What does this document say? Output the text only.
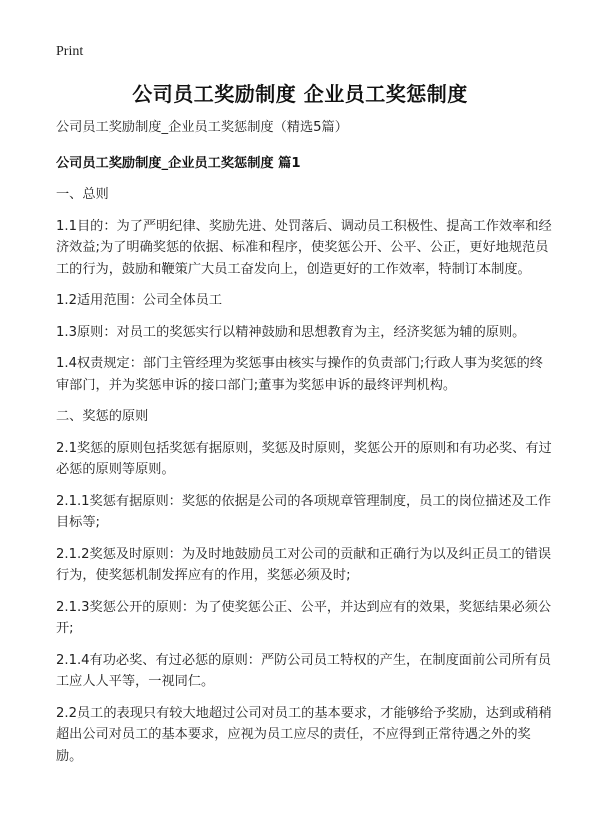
Print
公司员工奖励制度 企业员工奖惩制度

公司员工奖励制度_企业员工奖惩制度（精选5篇）

公司员工奖励制度_企业员工奖惩制度 篇1

一、总则

1.1目的：为了严明纪律、奖励先进、处罚落后、调动员工积极性、提高工作效率和经济效益;为了明确奖惩的依据、标准和程序，使奖惩公开、公平、公正，更好地规范员工的行为，鼓励和鞭策广大员工奋发向上，创造更好的工作效率，特制订本制度。

1.2适用范围：公司全体员工

1.3原则：对员工的奖惩实行以精神鼓励和思想教育为主，经济奖惩为辅的原则。

1.4权责规定：部门主管经理为奖惩事由核实与操作的负责部门;行政人事为奖惩的终审部门，并为奖惩申诉的接口部门;董事为奖惩申诉的最终评判机构。

二、奖惩的原则

2.1奖惩的原则包括奖惩有据原则，奖惩及时原则，奖惩公开的原则和有功必奖、有过必惩的原则等原则。

2.1.1奖惩有据原则：奖惩的依据是公司的各项规章管理制度，员工的岗位描述及工作目标等;

2.1.2奖惩及时原则：为及时地鼓励员工对公司的贡献和正确行为以及纠正员工的错误行为，使奖惩机制发挥应有的作用，奖惩必须及时;

2.1.3奖惩公开的原则：为了使奖惩公正、公平，并达到应有的效果，奖惩结果必须公开;

2.1.4有功必奖、有过必惩的原则：严防公司员工特权的产生，在制度面前公司所有员工应人人平等，一视同仁。

2.2员工的表现只有较大地超过公司对员工的基本要求，才能够给予奖励，达到或稍稍超出公司对员工的基本要求，应视为员工应尽的责任，不应得到正常待遇之外的奖励。
